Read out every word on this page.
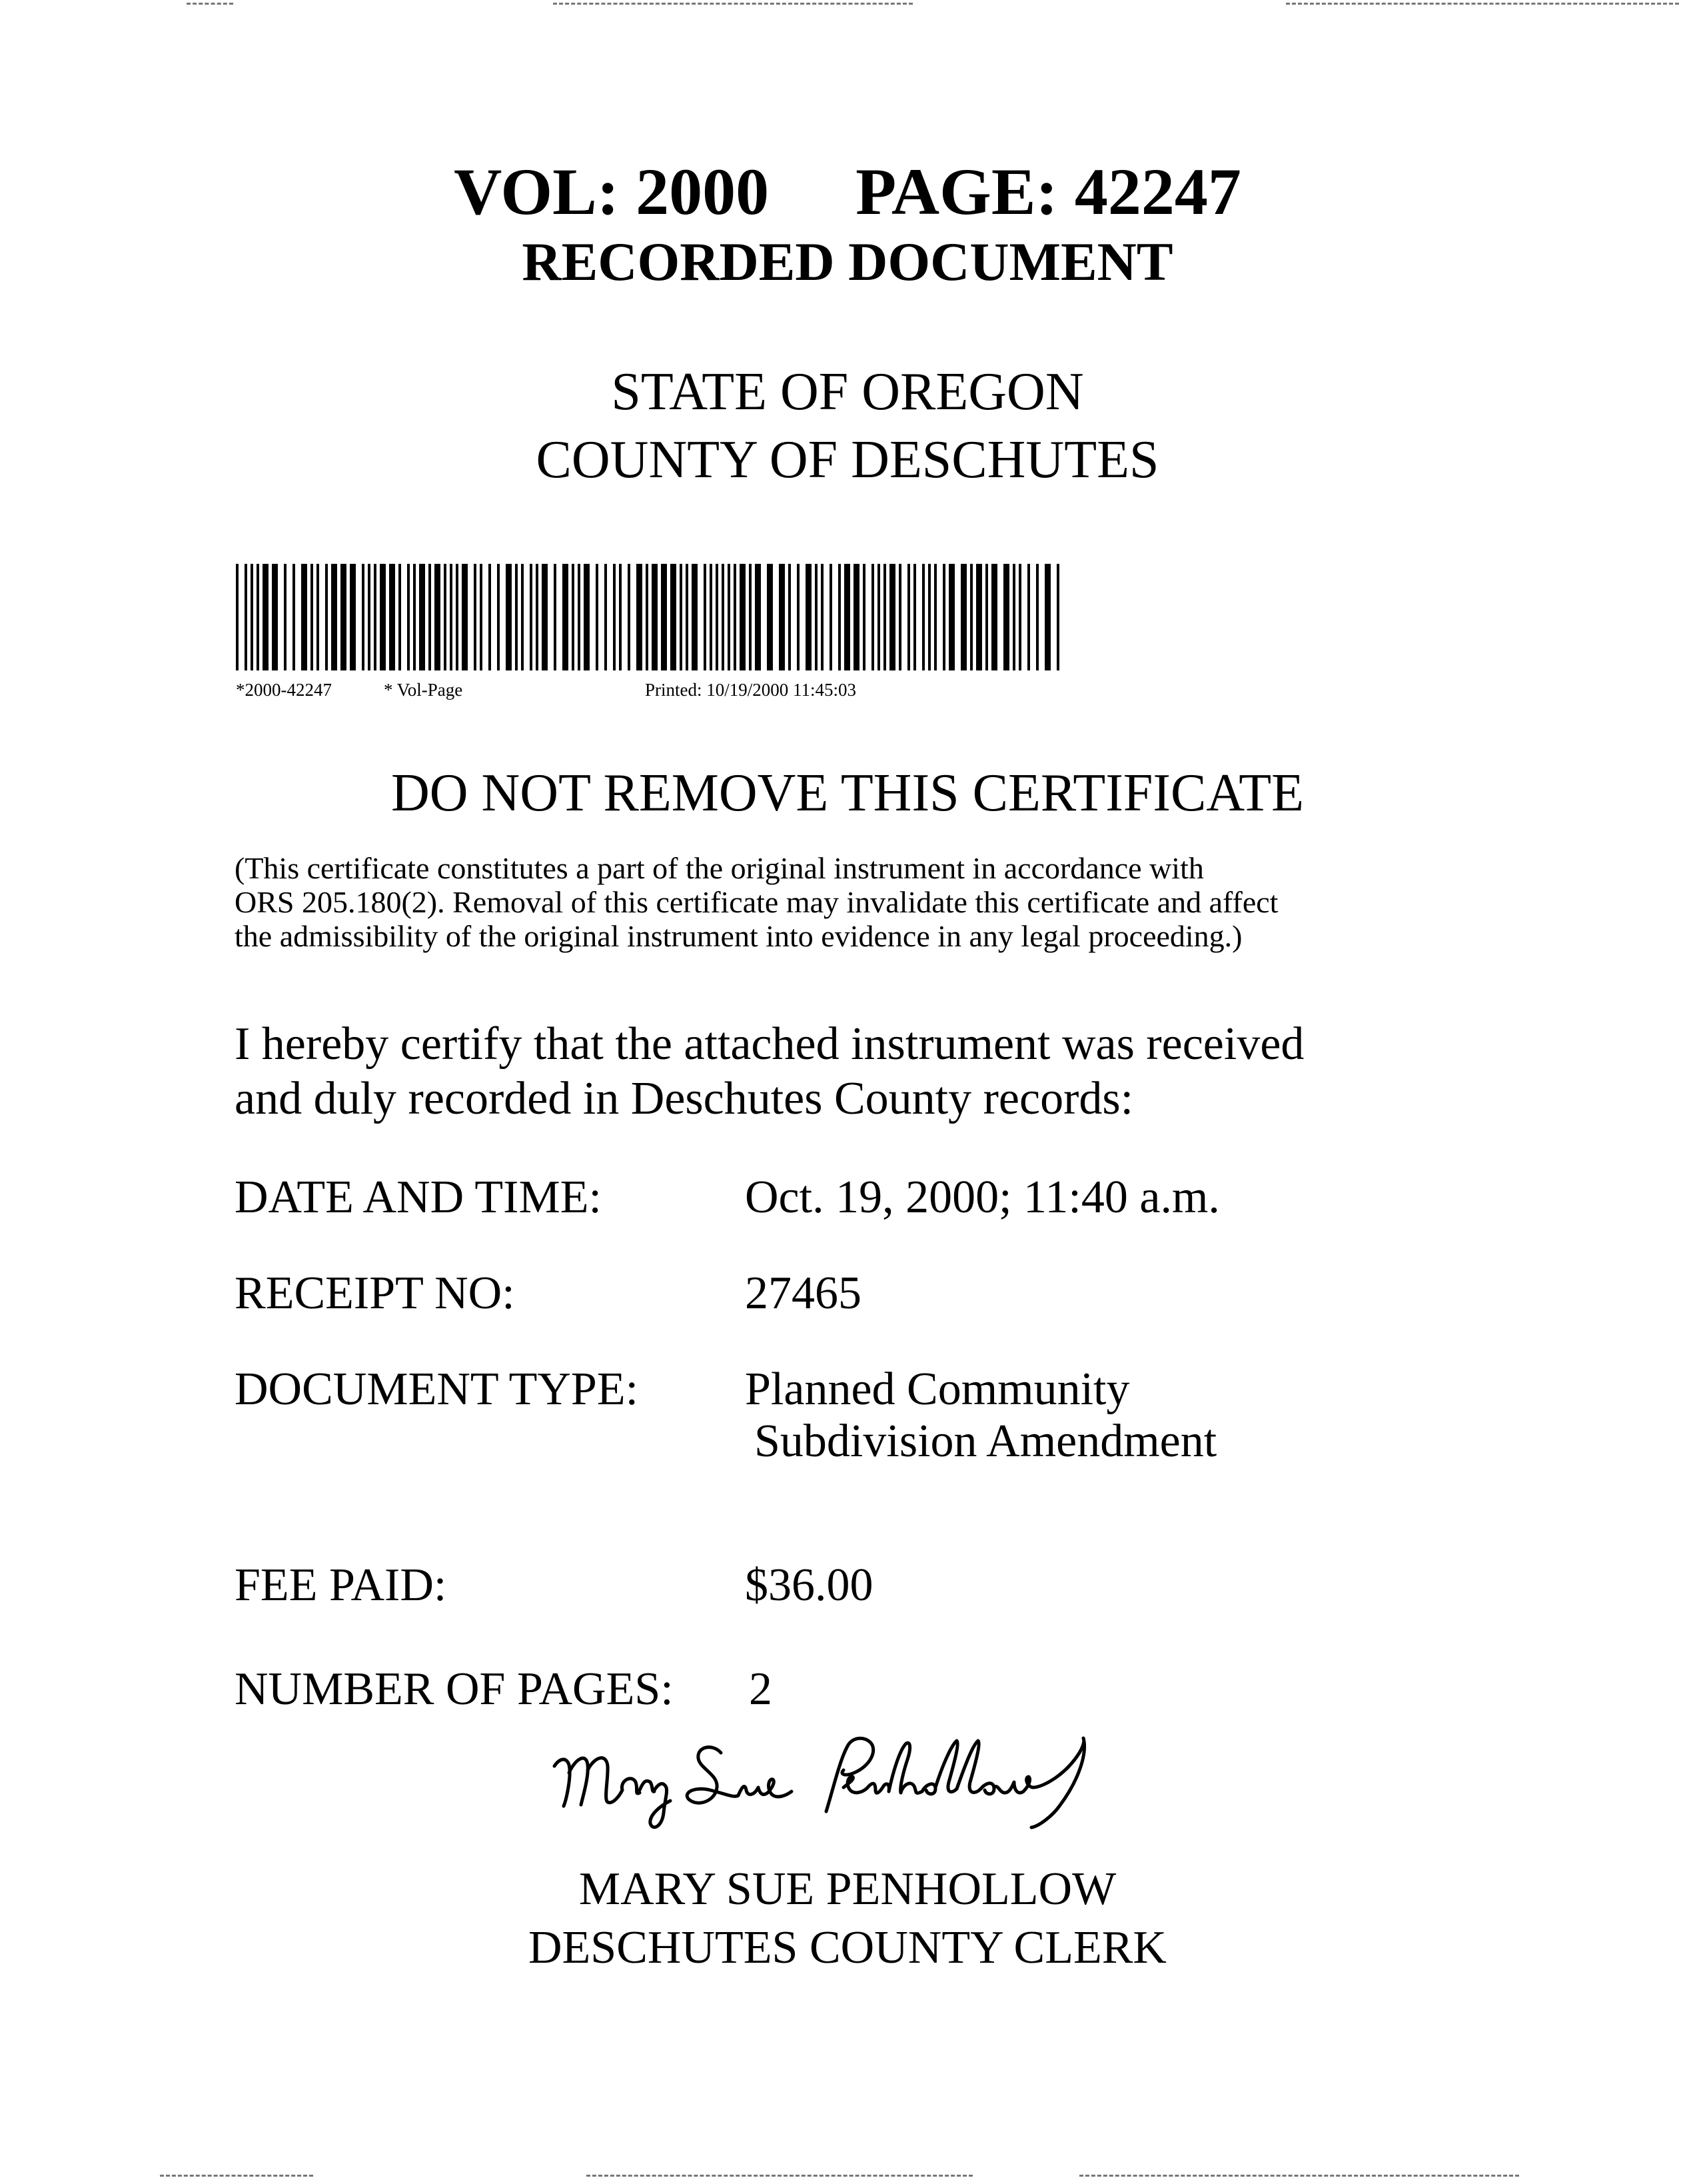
VOL: 2000 PAGE: 42247
RECORDED DOCUMENT
STATE OF OREGON
COUNTY OF DESCHUTES
*2000-42247	* Vol-Page	Printed: 10/19/2000 11:45:03
DO NOT REMOVE THIS CERTIFICATE
(This certificate constitutes a part of the original instrument in accordance with
ORS 205.180(2). Removal of this certificate may invalidate this certificate and affect
the admissibility of the original instrument into evidence in any legal proceeding.)
I hereby certify that the attached instrument was received
and duly recorded in Deschutes County records:
DATE AND TIME:	Oct. 19, 2000; 11:40 a.m.
RECEIPT NO:	27465
DOCUMENT TYPE: Planned Community
Subdivision Amendment
FEE PAID:	$36.00
NUMBER OF PAGES: 2
MARY SUE PENHOLLOW
DESCHUTES COUNTY CLERK
